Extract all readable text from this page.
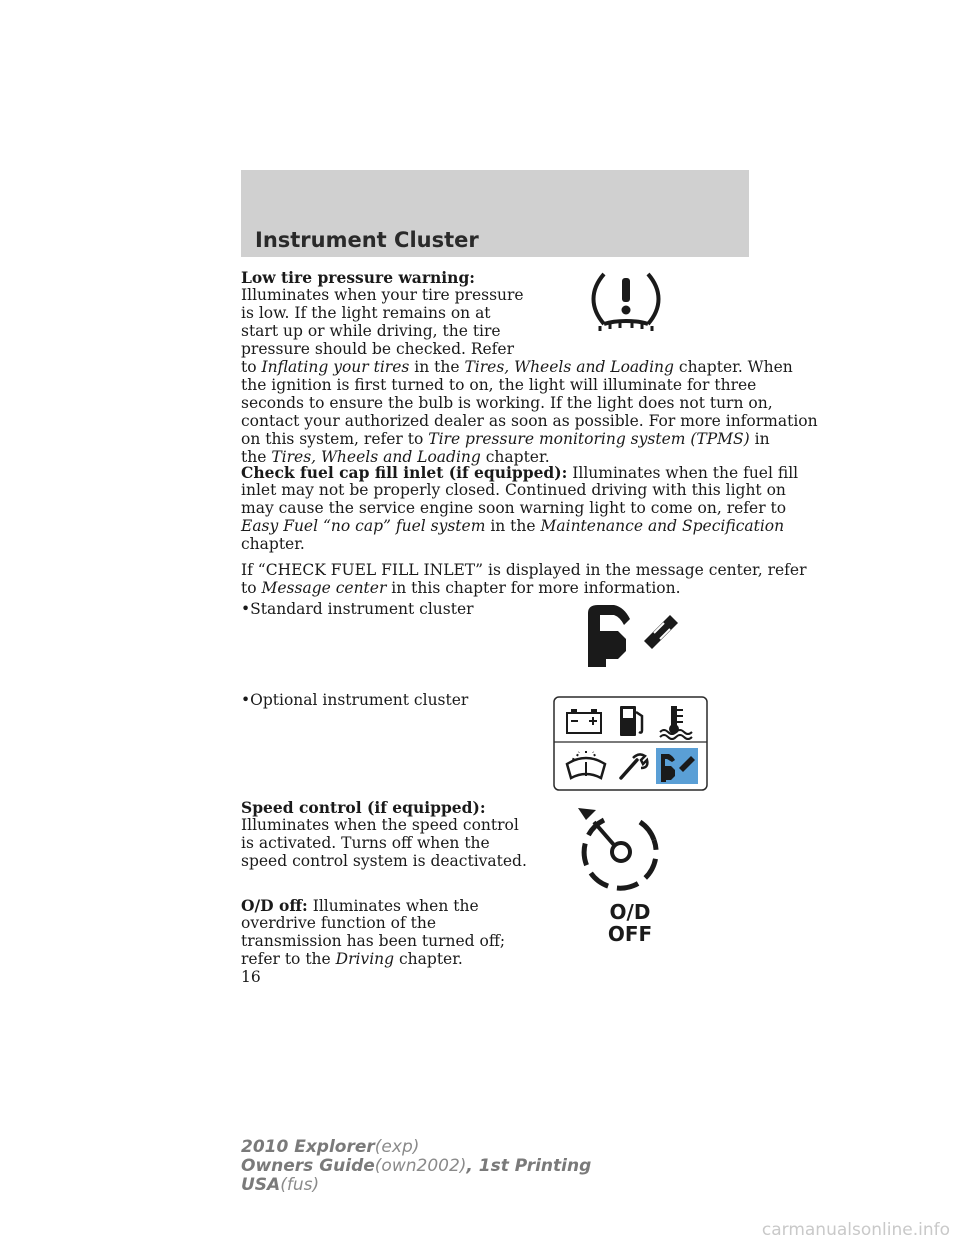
Instrument Cluster
Low tire pressure warning:
Illuminates when your tire pressure
is low. If the light remains on at
start up or while driving, the tire
pressure should be checked. Refer
to Inflating your tires in the Tires, Wheels and Loading chapter. When
the ignition is first turned to on, the light will illuminate for three
seconds to ensure the bulb is working. If the light does not turn on,
contact your authorized dealer as soon as possible. For more information
on this system, refer to Tire pressure monitoring system (TPMS) in
the Tires, Wheels and Loading chapter.
Check fuel cap fill inlet (if equipped): Illuminates when the fuel fill
inlet may not be properly closed. Continued driving with this light on
may cause the service engine soon warning light to come on, refer to
Easy Fuel “no cap” fuel system in the Maintenance and Specification
chapter.
If “CHECK FUEL FILL INLET” is displayed in the message center, refer
to Message center in this chapter for more information.
•Standard instrument cluster
•Optional instrument cluster
Speed control (if equipped):
Illuminates when the speed control
is activated. Turns off when the
speed control system is deactivated.
O/D off: Illuminates when the
overdrive function of the
transmission has been turned off;
refer to the Driving chapter.
O/D
OFF
16
2010 Explorer(exp)
Owners Guide(own2002), 1st Printing
USA(fus)
carmanualsonline.info
